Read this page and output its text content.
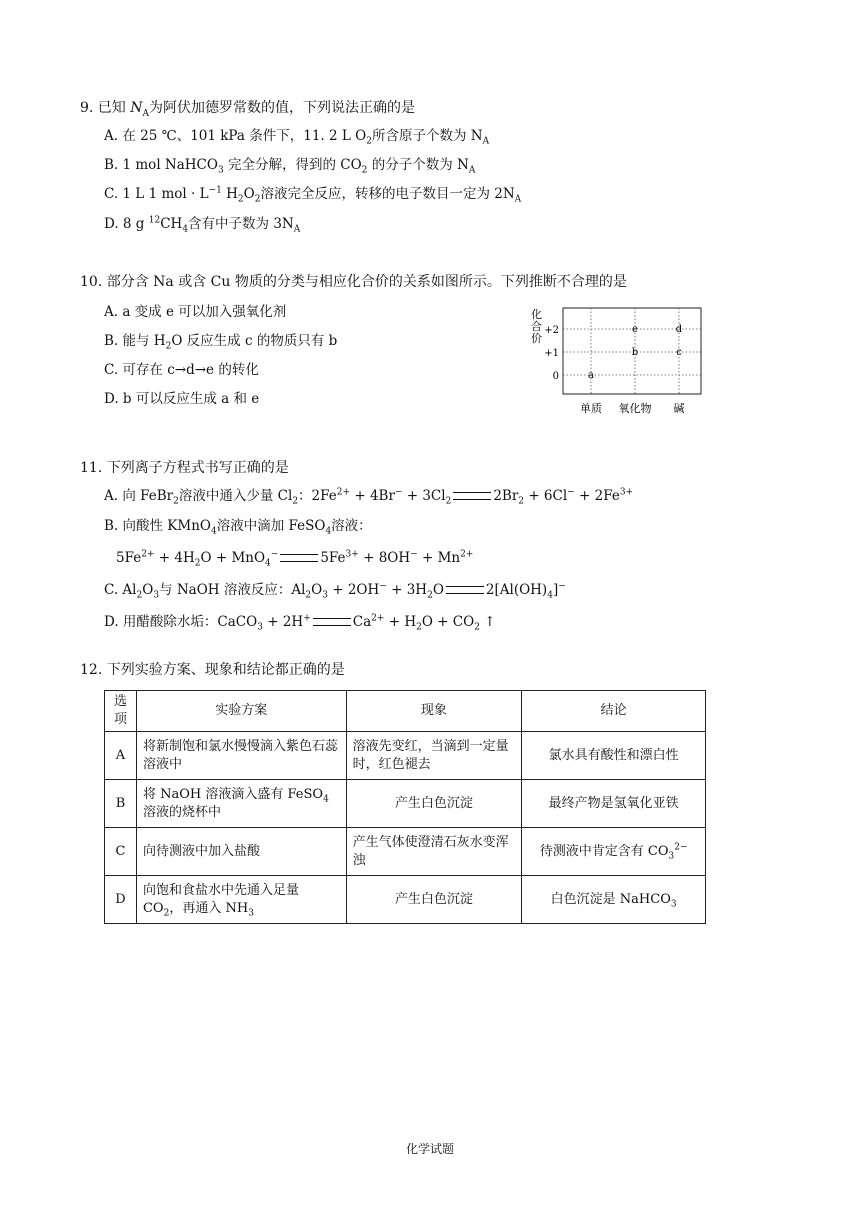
9. 已知 $N_A$为阿伏加德罗常数的值，下列说法正确的是
A. 在 25 ℃、101 kPa 条件下，11. 2 L $O_2$所含原子个数为 $N_A$
B. 1 mol NaHCO$_3$ 完全分解，得到的 $CO_2$ 的分子个数为 $N_A$
C. 1 L 1 mol · $L^{-1}$ $H_2O_2$溶液完全反应，转移的电子数目一定为 $2N_A$
D. 8 g $^{12}CH_4$含有中子数为 $3N_A$
10. 部分含 Na 或含 Cu 物质的分类与相应化合价的关系如图所示。下列推断不合理的是
A. a 变成 e 可以加入强氧化剂
B. 能与 $H_2O$ 反应生成 c 的物质只有 b
C. 可存在 c→d→e 的转化
D. b 可以反应生成 a 和 e
+2
+1
0
单质 氧化物 碱
a
b	c
e	d
化合价
11. 下列离子方程式书写正确的是
A. 向 FeBr$_2$溶液中通入少量 $Cl_2$：$2Fe^{2+} + 4Br^- + 3Cl_2$	$2Br_2 + 6Cl^- + 2Fe^{3+}$
B. 向酸性 KMnO$_4$溶液中滴加 FeSO$_4$溶液：
$5Fe^{2+} + 4H_2O + MnO_4^-$	$5Fe^{3+} + 8OH^- + Mn^{2+}$
C. $Al_2O_3$与 NaOH 溶液反应：$Al_2O_3 + 2OH^- + 3H_2O$	$2[Al(OH)_4]^-$
D. 用醋酸除水垢：CaCO$_3$ + 2H+	$Ca^{2+} + H_2O + CO_2$ ↑
12. 下列实验方案、现象和结论都正确的是
选项	实验方案	现象	结论
A	将新制饱和氯水慢慢滴入紫色石蕊溶液中	溶液先变红，当滴到一定量时，红色褪去	氯水具有酸性和漂白性
B	将 NaOH 溶液滴入盛有 FeSO$_4$溶液的烧杯中	产生白色沉淀	最终产物是氢氧化亚铁
C	向待测液中加入盐酸	产生气体使澄清石灰水变浑浊	待测液中肯定含有 $CO_3^{2-}$
D	向饱和食盐水中先通入足量 $CO_2$，再通入 $NH_3$	产生白色沉淀	白色沉淀是 NaHCO$_3$
化学试题
